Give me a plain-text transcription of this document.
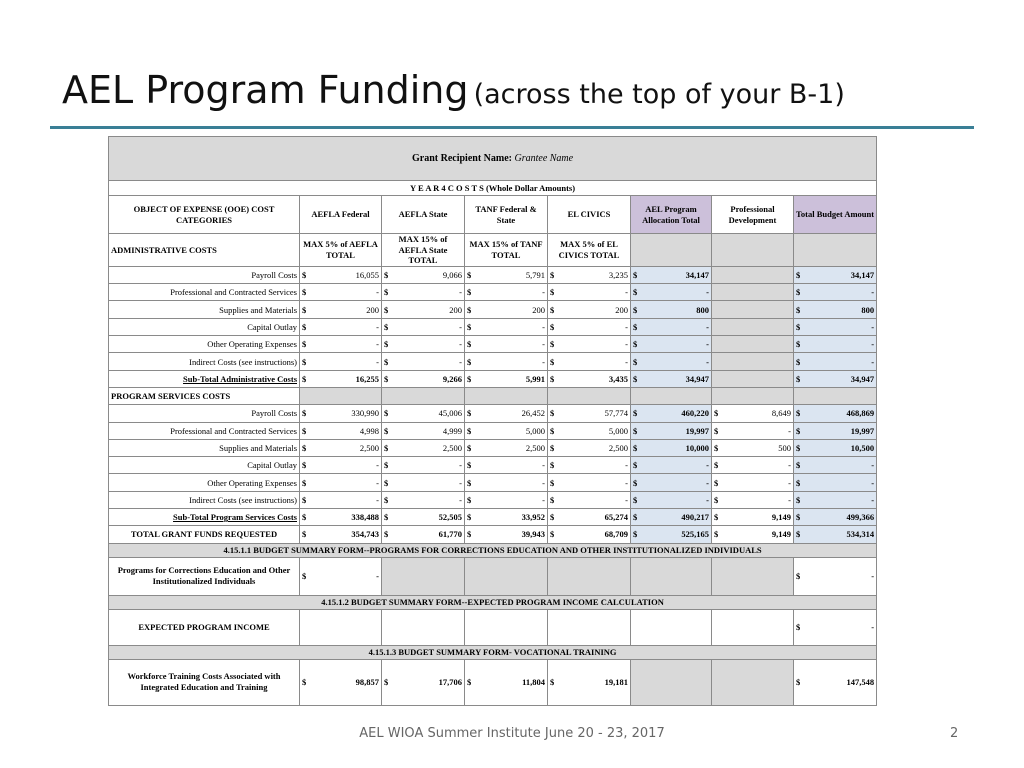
AEL Program Funding (across the top of your B-1)
Grant Recipient Name: Grantee Name							
Y E A R 4 C O S T S (Whole Dollar Amounts)							
OBJECT OF EXPENSE (OOE) COST CATEGORIES	AEFLA Federal	AEFLA State	TANF Federal & State	EL CIVICS	AEL Program Allocation Total	Professional Development	Total Budget Amount
ADMINISTRATIVE COSTS	MAX 5% of AEFLA TOTAL	MAX 15% of AEFLA State TOTAL	MAX 15% of TANF TOTAL	MAX 5% of EL CIVICS TOTAL			
Payroll Costs	$ 16,055	$ 9,066	$ 5,791	$ 3,235	$ 34,147		$ 34,147

Professional and Contracted Services	$ -	$ -	$ -	$ -	$ -		$ -

Supplies and Materials	$ 200	$ 200	$ 200	$ 200	$ 800		$ 800

Capital Outlay	$ -	$ -	$ -	$ -	$ -		$ -

Other Operating Expenses	$ -	$ -	$ -	$ -	$ -		$ -

Indirect Costs (see instructions)	$ -	$ -	$ -	$ -	$ -		$ -

Sub-Total Administrative Costs	$ 16,255	$ 9,266	$ 5,991	$ 3,435	$ 34,947		$ 34,947

PROGRAM SERVICES COSTS							
Payroll Costs	$ 330,990	$ 45,006	$ 26,452	$ 57,774	$ 460,220	$ 8,649	$ 468,869

Professional and Contracted Services	$ 4,998	$ 4,999	$ 5,000	$ 5,000	$ 19,997	$ -	$ 19,997

Supplies and Materials	$ 2,500	$ 2,500	$ 2,500	$ 2,500	$ 10,000	$ 500	$ 10,500

Capital Outlay	$ -	$ -	$ -	$ -	$ -	$ -	$ -

Other Operating Expenses	$ -	$ -	$ -	$ -	$ -	$ -	$ -

Indirect Costs (see instructions)	$ -	$ -	$ -	$ -	$ -	$ -	$ -

Sub-Total Program Services Costs	$ 338,488	$ 52,505	$ 33,952	$ 65,274	$ 490,217	$ 9,149	$ 499,366

TOTAL GRANT FUNDS REQUESTED	$ 354,743	$ 61,770	$ 39,943	$ 68,709	$ 525,165	$ 9,149	$ 534,314

4.15.1.1 BUDGET SUMMARY FORM--PROGRAMS FOR CORRECTIONS EDUCATION AND OTHER INSTITUTIONALIZED INDIVIDUALS							
Programs for Corrections Education and Other Institutionalized Individuals	$ -						$ -

4.15.1.2 BUDGET SUMMARY FORM--EXPECTED PROGRAM INCOME CALCULATION							
EXPECTED PROGRAM INCOME							$ -

4.15.1.3 BUDGET SUMMARY FORM- VOCATIONAL TRAINING							
Workforce Training Costs Associated with Integrated Education and Training	$ 98,857	$ 17,706	$ 11,804	$ 19,181			$ 147,548
AEL WIOA Summer Institute June 20 - 23, 2017	2
